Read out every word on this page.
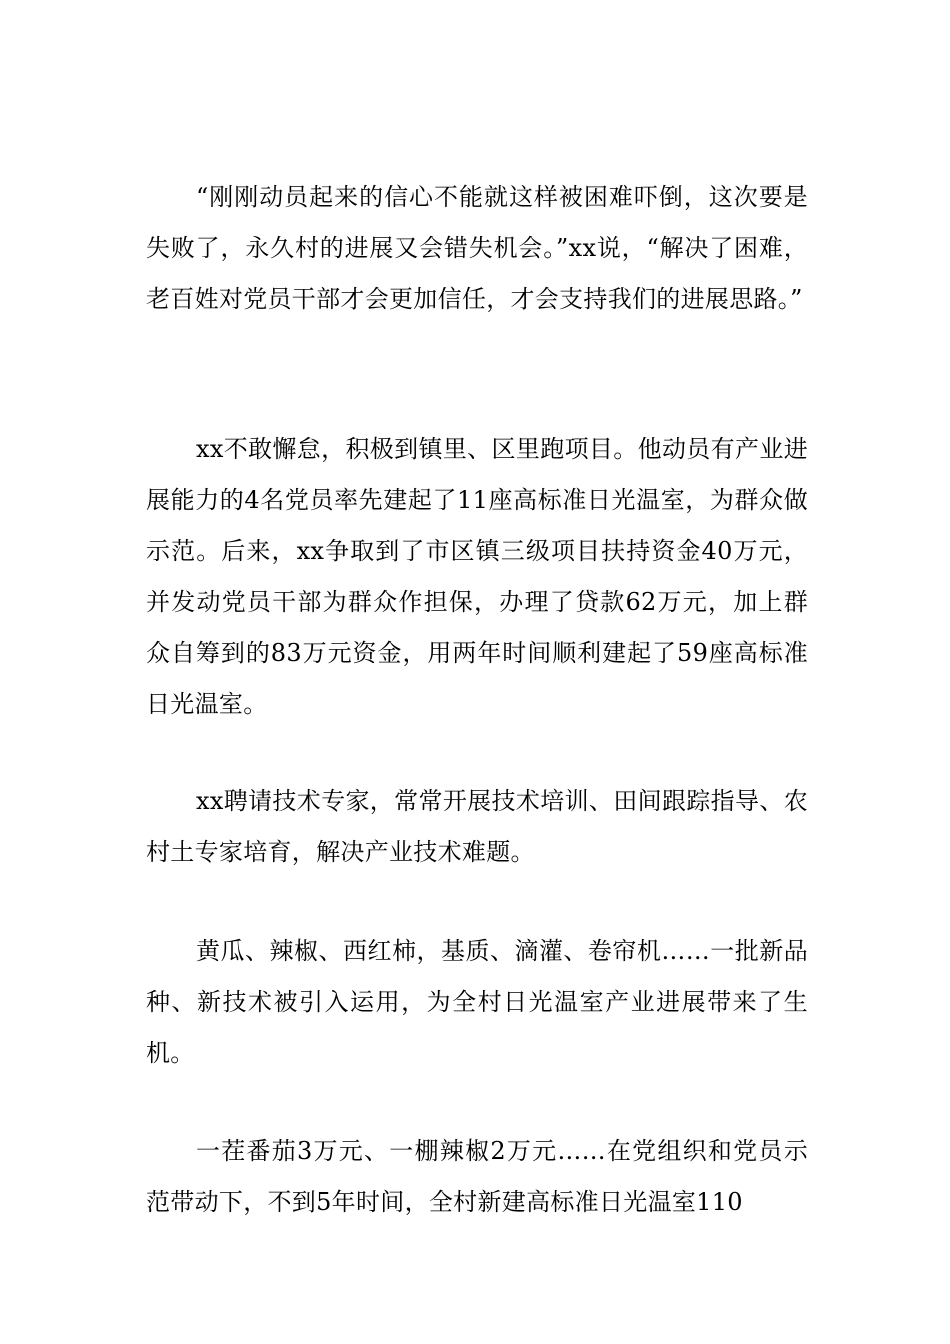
“刚刚动员起来的信心不能就这样被困难吓倒，这次要是失败了，永久村的进展又会错失机会。”xx说，“解决了困难，老百姓对党员干部才会更加信任，才会支持我们的进展思路。”

xx不敢懈怠，积极到镇里、区里跑项目。他动员有产业进展能力的4名党员率先建起了11座高标准日光温室，为群众做示范。后来，xx争取到了市区镇三级项目扶持资金40万元，并发动党员干部为群众作担保，办理了贷款62万元，加上群众自筹到的83万元资金，用两年时间顺利建起了59座高标准日光温室。

xx聘请技术专家，常常开展技术培训、田间跟踪指导、农村土专家培育，解决产业技术难题。

黄瓜、辣椒、西红柿，基质、滴灌、卷帘机……一批新品种、新技术被引入运用，为全村日光温室产业进展带来了生机。

一茬番茄3万元、一棚辣椒2万元……在党组织和党员示范带动下，不到5年时间，全村新建高标准日光温室110
